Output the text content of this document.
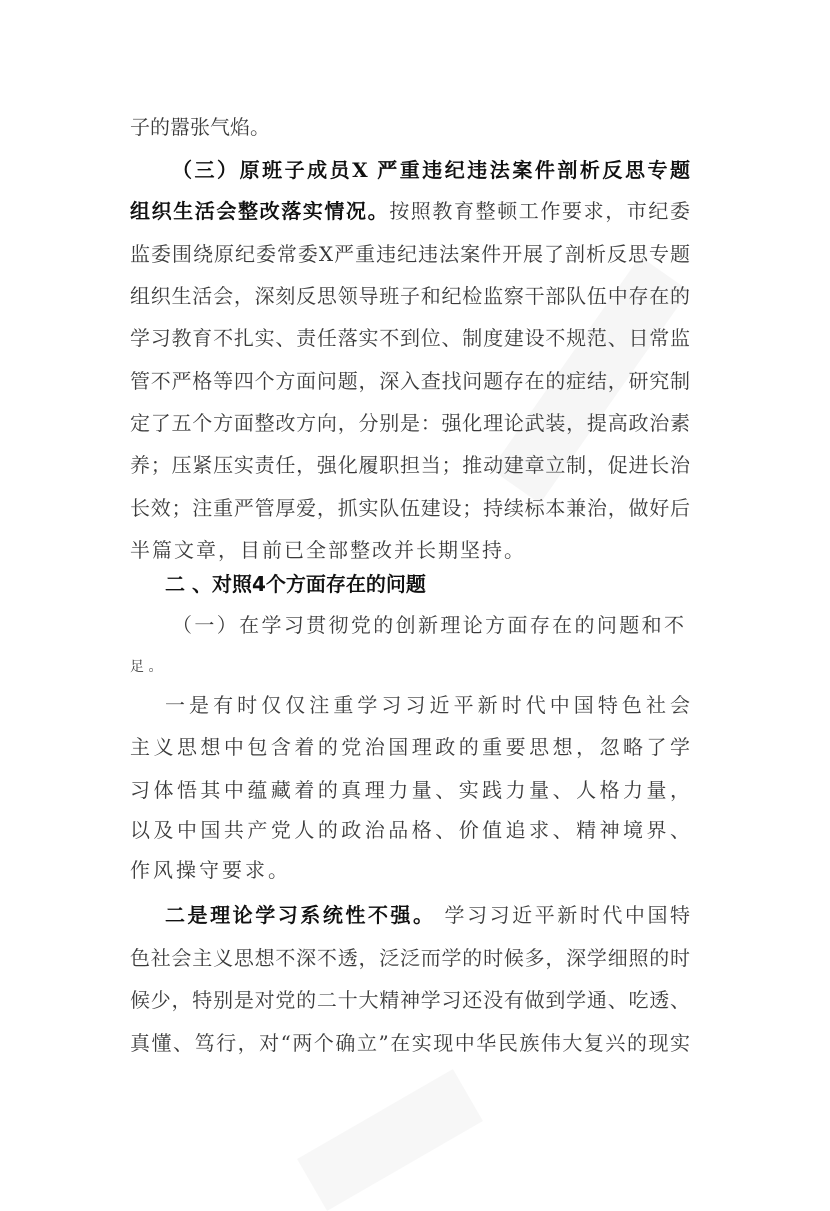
子的嚣张气焰。
（三）原班子成员X 严重违纪违法案件剖析反思专题
组织生活会整改落实情况。按照教育整顿工作要求，市纪委
监委围绕原纪委常委X严重违纪违法案件开展了剖析反思专题
组织生活会，深刻反思领导班子和纪检监察干部队伍中存在的
学习教育不扎实、责任落实不到位、制度建设不规范、日常监
管不严格等四个方面问题，深入查找问题存在的症结，研究制
定了五个方面整改方向，分别是：强化理论武装，提高政治素
养；压紧压实责任，强化履职担当；推动建章立制，促进长治
长效；注重严管厚爱，抓实队伍建设；持续标本兼治，做好后
半篇文章，目前已全部整改并长期坚持。
二 、对照4个方面存在的问题
（一）在学习贯彻党的创新理论方面存在的问题和不
足 。
一是有时仅仅注重学习习近平新时代中国特色社会
主义思想中包含着的党治国理政的重要思想，忽略了学
习体悟其中蕴藏着的真理力量、实践力量、人格力量，
以及中国共产党人的政治品格、价值追求、精神境界、
作风操守要求。
二是理论学习系统性不强。 学习习近平新时代中国特
色社会主义思想不深不透，泛泛而学的时候多，深学细照的时
候少，特别是对党的二十大精神学习还没有做到学通、吃透、
真懂、笃行，对“两个确立”在实现中华民族伟大复兴的现实
